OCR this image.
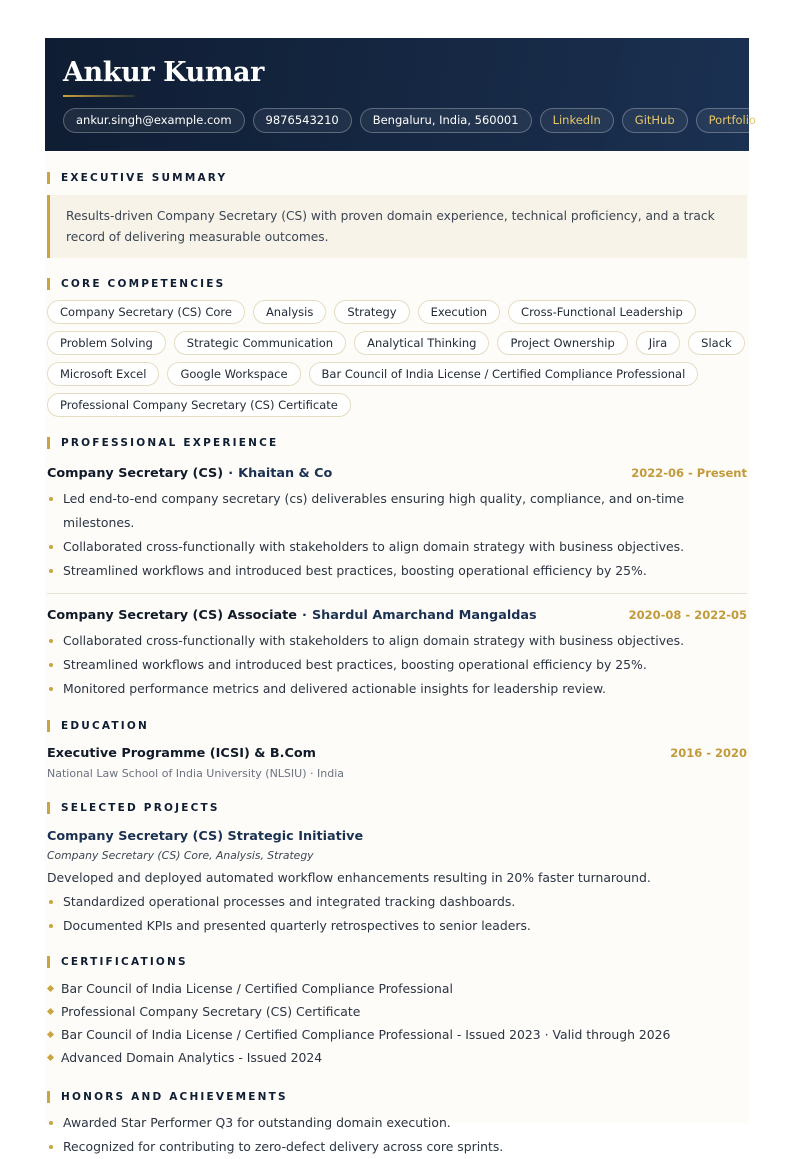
Ankur Kumar
ankur.singh@example.com	9876543210	Bengaluru, India, 560001	LinkedIn	GitHub	Portfolio
EXECUTIVE SUMMARY
Results-driven Company Secretary (CS) with proven domain experience, technical proficiency, and a track record of delivering measurable outcomes.
CORE COMPETENCIES
Company Secretary (CS) Core	Analysis	Strategy	Execution	Cross-Functional Leadership
Problem Solving	Strategic Communication	Analytical Thinking	Project Ownership	Jira	Slack
Microsoft Excel	Google Workspace	Bar Council of India License / Certified Compliance Professional
Professional Company Secretary (CS) Certificate
PROFESSIONAL EXPERIENCE
Company Secretary (CS) · Khaitan & Co	2022-06 - Present
Led end-to-end company secretary (cs) deliverables ensuring high quality, compliance, and on-time milestones.
Collaborated cross-functionally with stakeholders to align domain strategy with business objectives.
Streamlined workflows and introduced best practices, boosting operational efficiency by 25%.
Company Secretary (CS) Associate · Shardul Amarchand Mangaldas	2020-08 - 2022-05
Collaborated cross-functionally with stakeholders to align domain strategy with business objectives.
Streamlined workflows and introduced best practices, boosting operational efficiency by 25%.
Monitored performance metrics and delivered actionable insights for leadership review.
EDUCATION
Executive Programme (ICSI) & B.Com	2016 - 2020
National Law School of India University (NLSIU) · India
SELECTED PROJECTS
Company Secretary (CS) Strategic Initiative
Company Secretary (CS) Core, Analysis, Strategy
Developed and deployed automated workflow enhancements resulting in 20% faster turnaround.
Standardized operational processes and integrated tracking dashboards.
Documented KPIs and presented quarterly retrospectives to senior leaders.
CERTIFICATIONS
Bar Council of India License / Certified Compliance Professional
Professional Company Secretary (CS) Certificate
Bar Council of India License / Certified Compliance Professional - Issued 2023 · Valid through 2026
Advanced Domain Analytics - Issued 2024
HONORS AND ACHIEVEMENTS
Awarded Star Performer Q3 for outstanding domain execution.
Recognized for contributing to zero-defect delivery across core sprints.
